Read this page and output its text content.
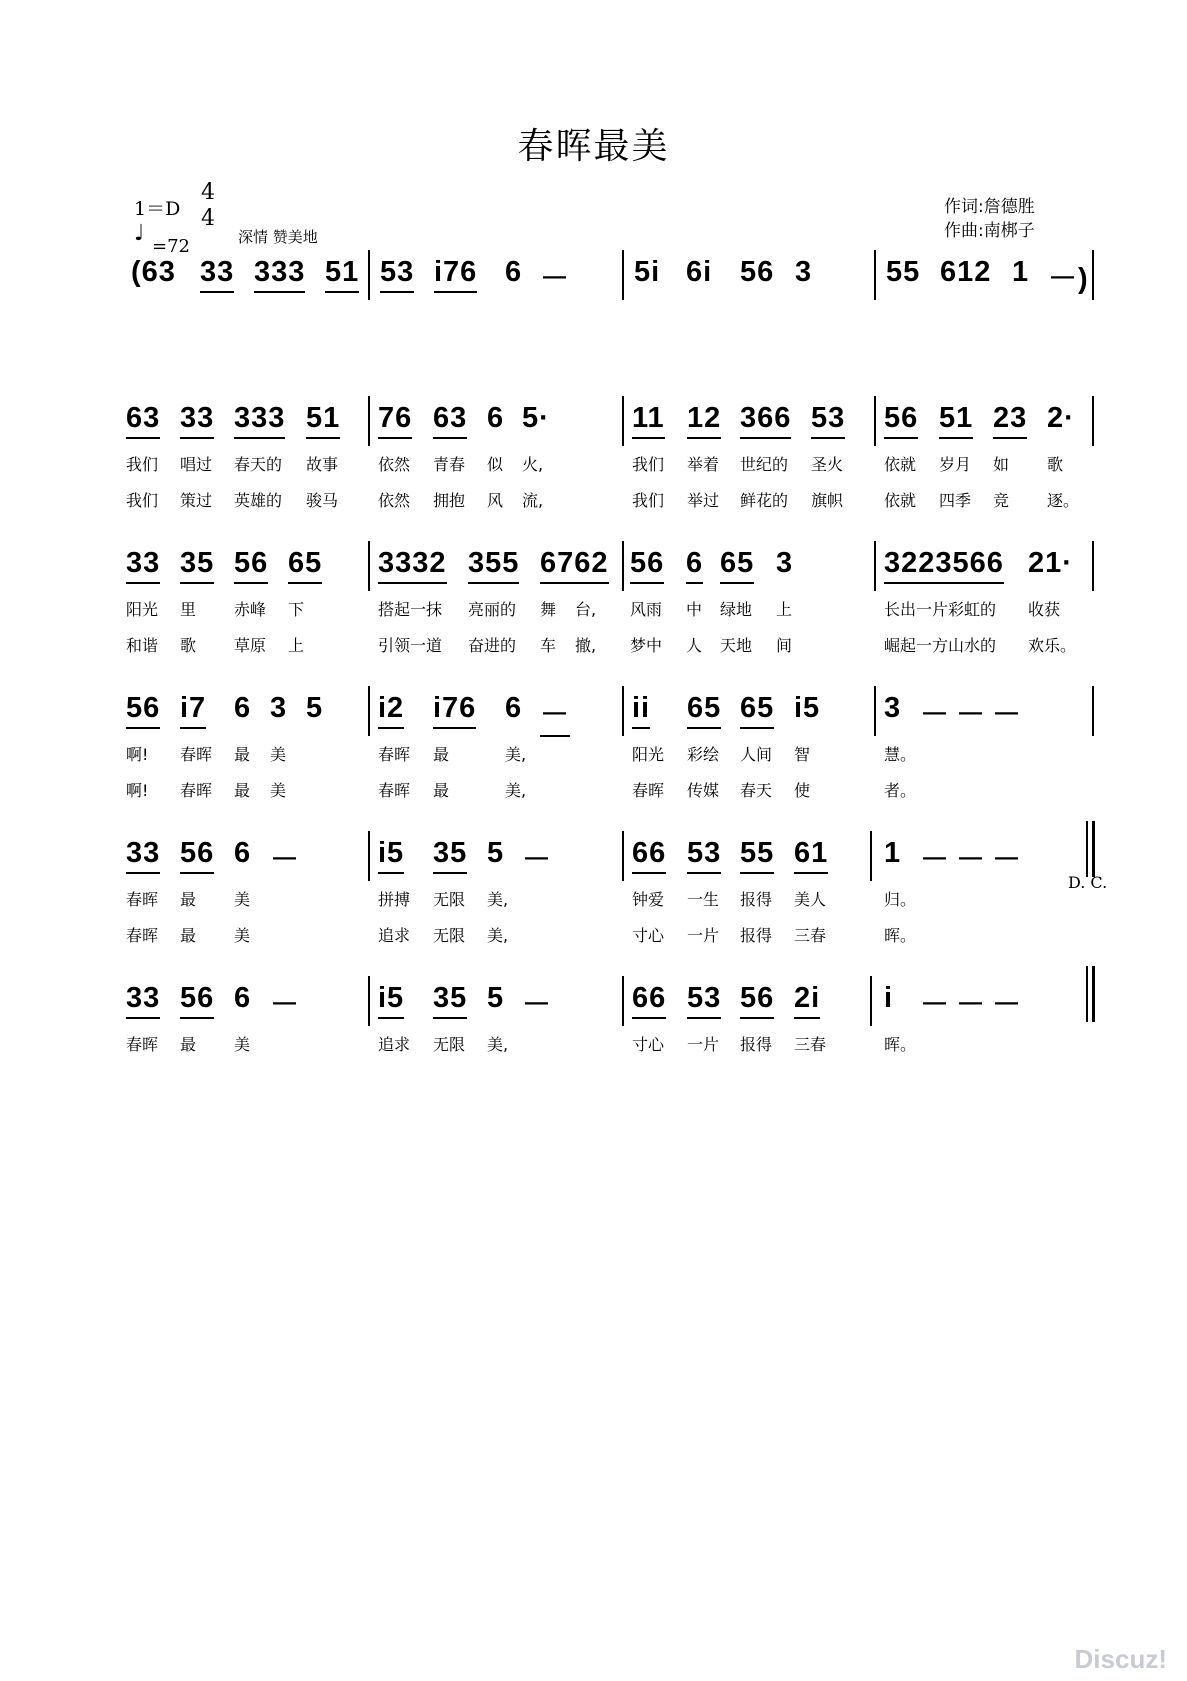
春晖最美
1＝D
4
4
♩
=72	深情 赞美地
作词:詹德胜
作曲:南梆子
(63 33 333 51 53 i76 6 － 5i 6i 56 3	55 612 1 －)
63 33 333 51 76 63 6 5·	11 12 366 53 56 51 23 2·
我们 唱过 春天的 故事 依然 青春 似 火,	我们 举着 世纪的 圣火	依就 岁月 如 歌
我们 策过 英雄的 骏马 依然 拥抱 风 流,	我们 举过 鲜花的 旗帜	依就 四季 竞 逐。
33 35 56 65 3332 355 6762 56 6 65 3	3223566 21·
阳光 里 赤峰 下	搭起一抹 亮丽的 舞 台, 风雨 中 绿地 上	长出一片彩虹的 收获
和谐 歌 草原 上	引领一道 奋进的 车 撤, 梦中 人 天地 间	崛起一方山水的 欢乐。
56 i7 6 3 5 i2 i76 6 － ii 65 65 i5 3 － － －
啊! 春晖 最 美	春晖 最	美,	阳光 彩绘 人间 智	慧。
啊! 春晖 最 美	春晖 最	美,	春晖 传媒 春天 使	者。
33 56 6 －	i5 35 5 －	66 53 55 61 1 － － －
春晖 最 美	拼搏 无限 美,	钟爱 一生 报得 美人	归。
春晖 最 美	追求 无限 美,	寸心 一片 报得 三春	晖。
D. C.
33 56 6 －	i5 35 5 －	66 53 56 2i i － － －
春晖 最 美	追求 无限 美,	寸心 一片 报得 三春	晖。
Discuz!
